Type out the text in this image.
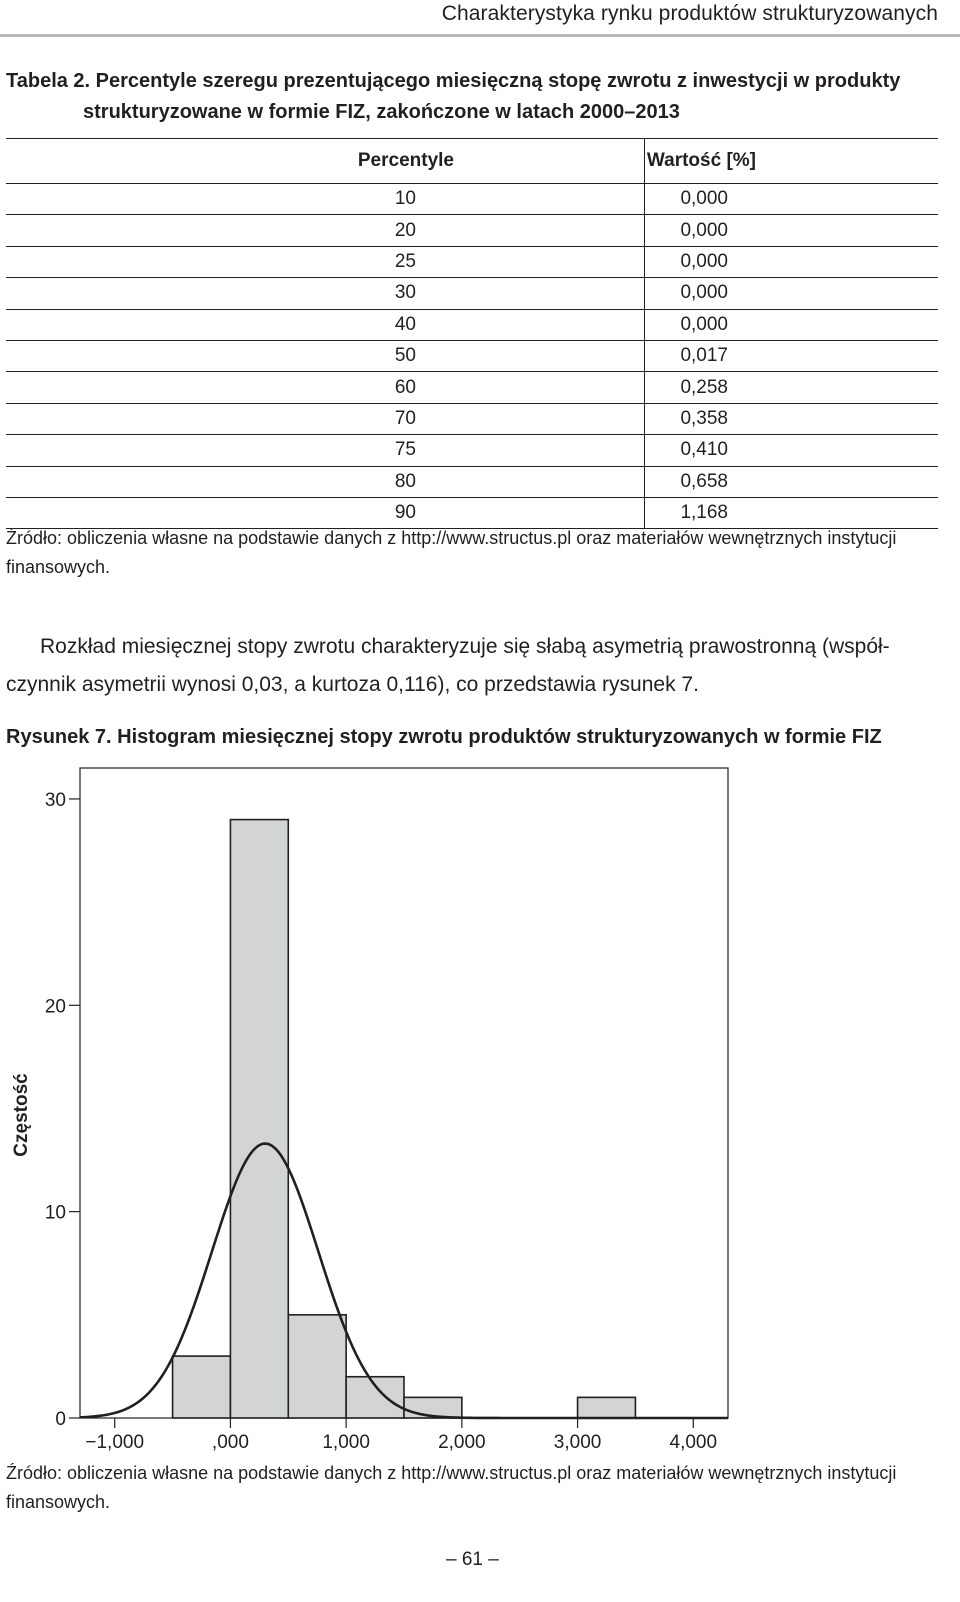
Charakterystyka rynku produktów strukturyzowanych
Tabela 2. Percentyle szeregu prezentującego miesięczną stopę zwrotu z inwestycji w produkty
strukturyzowane w formie FIZ, zakończone w latach 2000–2013
Percentyle	Wartość [%]
10	0,000
20	0,000
25	0,000
30	0,000
40	0,000
50	0,017
60	0,258
70	0,358
75	0,410
80	0,658
90	1,168
Źródło: obliczenia własne na podstawie danych z http://www.structus.pl oraz materiałów wewnętrznych instytucji
finansowych.
Rozkład miesięcznej stopy zwrotu charakteryzuje się słabą asymetrią prawostronną (współ-
czynnik asymetrii wynosi 0,03, a kurtoza 0,116), co przedstawia rysunek 7.
Rysunek 7. Histogram miesięcznej stopy zwrotu produktów strukturyzowanych w formie FIZ
0
10
20
30
−1,000	,000	1,000	2,000	3,000	4,000
Częstość
Źródło: obliczenia własne na podstawie danych z http://www.structus.pl oraz materiałów wewnętrznych instytucji
finansowych.
– 61 –
